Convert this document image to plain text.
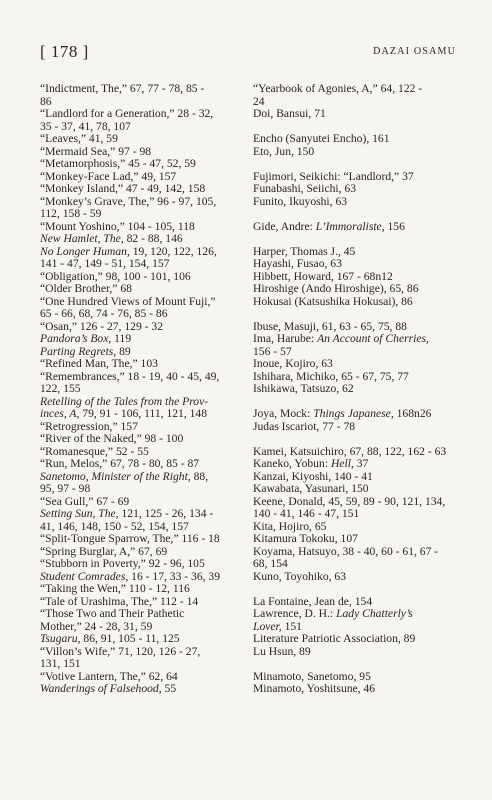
[ 178 ]	DAZAI OSAMU
“Indictment, The,” 67, 77 - 78, 85 -
86
“Landlord for a Generation,” 28 - 32,
35 - 37, 41, 78, 107
“Leaves,” 41, 59
“Mermaid Sea,” 97 - 98
“Metamorphosis,” 45 - 47, 52, 59
“Monkey-Face Lad,” 49, 157
“Monkey Island,” 47 - 49, 142, 158
“Monkey’s Grave, The,” 96 - 97, 105,
112, 158 - 59
“Mount Yoshino,” 104 - 105, 118
New Hamlet, The, 82 - 88, 146
No Longer Human, 19, 120, 122, 126,
141 - 47, 149 - 51, 154, 157
“Obligation,” 98, 100 - 101, 106
“Older Brother,” 68
“One Hundred Views of Mount Fuji,”
65 - 66, 68, 74 - 76, 85 - 86
“Osan,” 126 - 27, 129 - 32
Pandora’s Box, 119
Parting Regrets, 89
“Refined Man, The,” 103
“Remembrances,” 18 - 19, 40 - 45, 49,
122, 155
Retelling of the Tales from the Prov-
inces, A, 79, 91 - 106, 111, 121, 148
“Retrogression,” 157
“River of the Naked,” 98 - 100
“Romanesque,” 52 - 55
“Run, Melos,” 67, 78 - 80, 85 - 87
Sanetomo, Minister of the Right, 88,
95, 97 - 98
“Sea Gull,” 67 - 69
Setting Sun, The, 121, 125 - 26, 134 -
41, 146, 148, 150 - 52, 154, 157
“Split-Tongue Sparrow, The,” 116 - 18
“Spring Burglar, A,” 67, 69
“Stubborn in Poverty,” 92 - 96, 105
Student Comrades, 16 - 17, 33 - 36, 39
“Taking the Wen,” 110 - 12, 116
“Tale of Urashima, The,” 112 - 14
“Those Two and Their Pathetic
Mother,” 24 - 28, 31, 59
Tsugaru, 86, 91, 105 - 11, 125
“Villon’s Wife,” 71, 120, 126 - 27,
131, 151
“Votive Lantern, The,” 62, 64
Wanderings of Falsehood, 55
“Yearbook of Agonies, A,” 64, 122 -
24
Doi, Bansui, 71
Encho (Sanyutei Encho), 161
Eto, Jun, 150
Fujimori, Seikichi: “Landlord,” 37
Funabashi, Seiichi, 63
Funito, Ikuyoshi, 63
Gide, Andre: L’Immoraliste, 156
Harper, Thomas J., 45
Hayashi, Fusao, 63
Hibbett, Howard, 167 - 68n12
Hiroshige (Ando Hiroshige), 65, 86
Hokusai (Katsushika Hokusai), 86
Ibuse, Masuji, 61, 63 - 65, 75, 88
Ima, Harube: An Account of Cherries,
156 - 57
Inoue, Kojiro, 63
Ishihara, Michiko, 65 - 67, 75, 77
Ishikawa, Tatsuzo, 62
Joya, Mock: Things Japanese, 168n26
Judas Iscariot, 77 - 78
Kamei, Katsuichiro, 67, 88, 122, 162 - 63
Kaneko, Yobun: Hell, 37
Kanzai, Kiyoshi, 140 - 41
Kawabata, Yasunari, 150
Keene, Donald, 45, 59, 89 - 90, 121, 134,
140 - 41, 146 - 47, 151
Kita, Hojiro, 65
Kitamura Tokoku, 107
Koyama, Hatsuyo, 38 - 40, 60 - 61, 67 -
68, 154
Kuno, Toyohiko, 63
La Fontaine, Jean de, 154
Lawrence, D. H.: Lady Chatterly’s
Lover, 151
Literature Patriotic Association, 89
Lu Hsun, 89
Minamoto, Sanetomo, 95
Minamoto, Yoshitsune, 46
